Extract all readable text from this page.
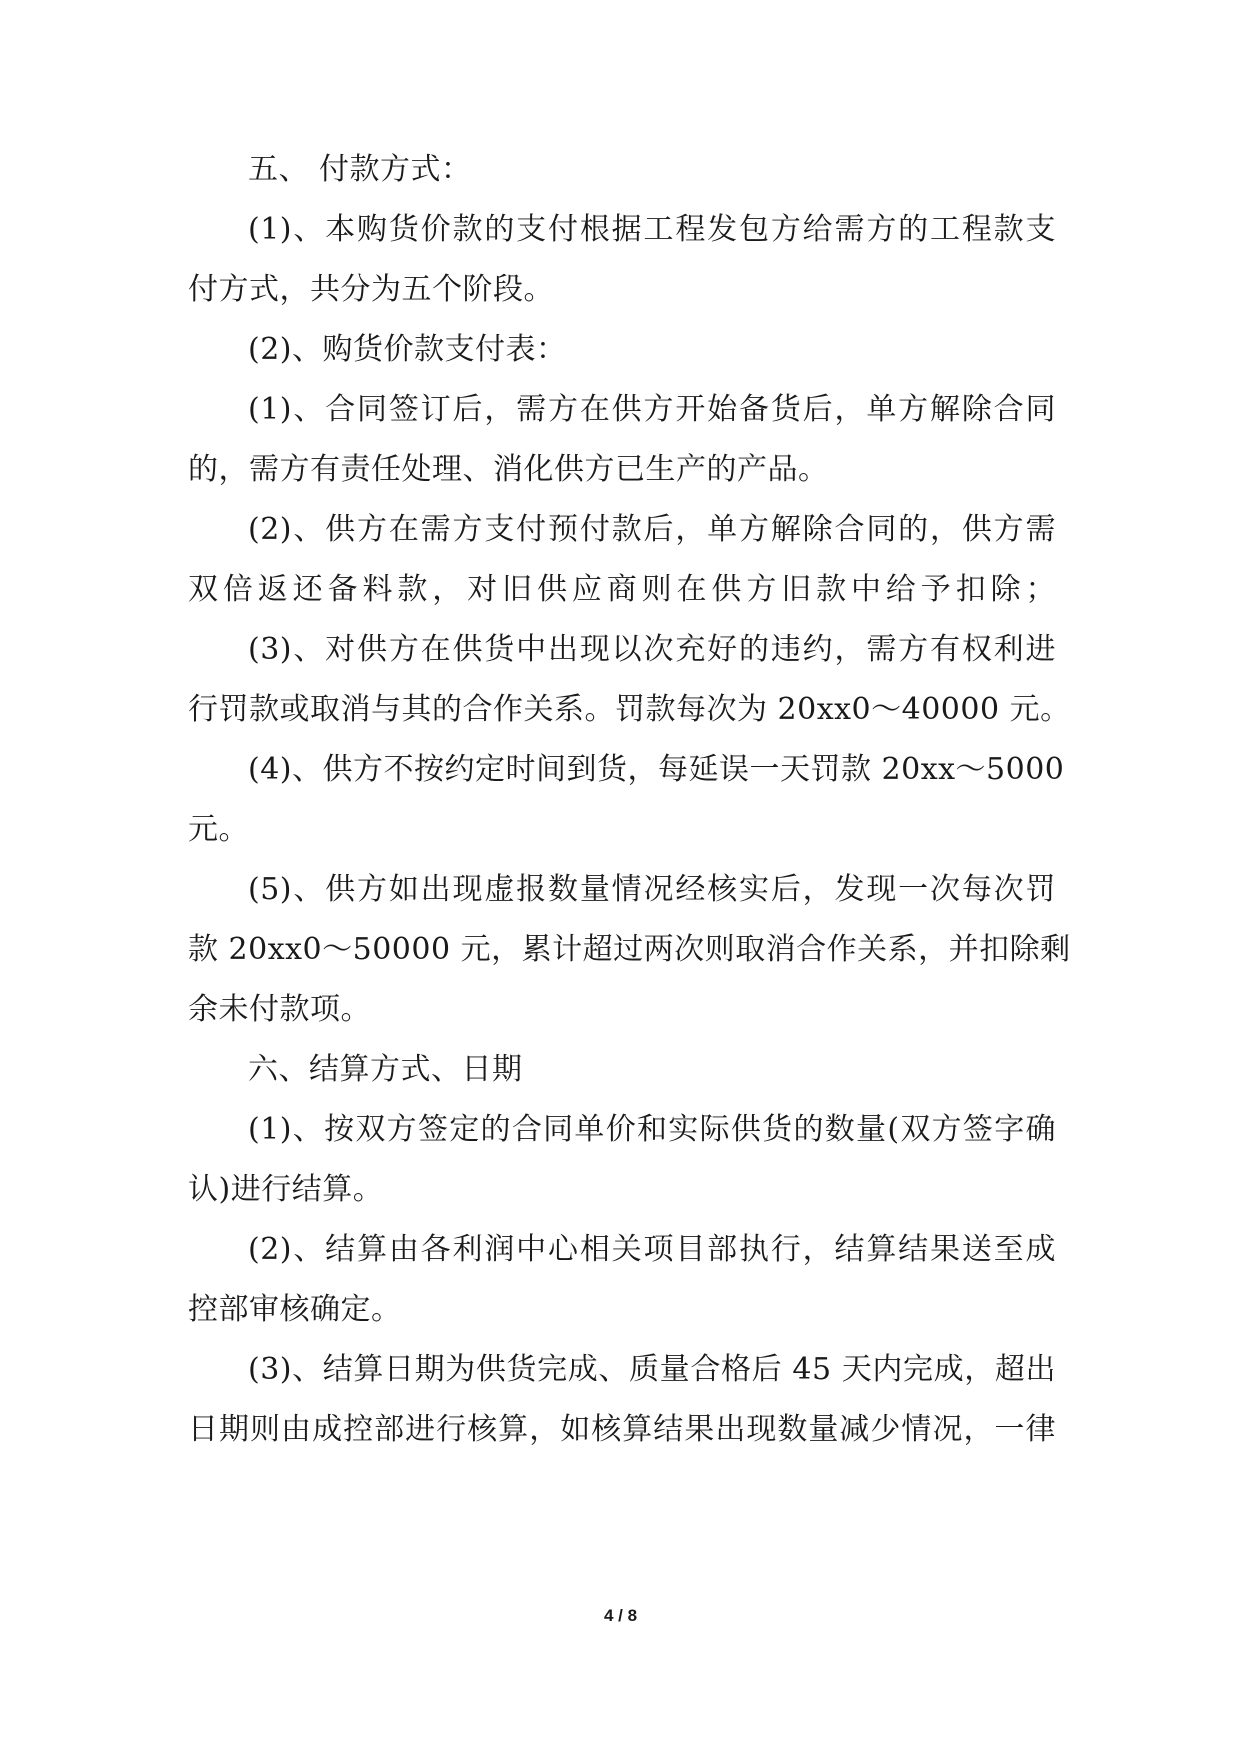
五、 付款方式：
(1)、本购货价款的支付根据工程发包方给需方的工程款支
付方式，共分为五个阶段。
(2)、购货价款支付表：
(1)、合同签订后，需方在供方开始备货后，单方解除合同
的，需方有责任处理、消化供方已生产的产品。
(2)、供方在需方支付预付款后，单方解除合同的，供方需
双倍返还备料款，对旧供应商则在供方旧款中给予扣除；
(3)、对供方在供货中出现以次充好的违约，需方有权利进
行罚款或取消与其的合作关系。罚款每次为 20xx0～40000 元。
(4)、供方不按约定时间到货，每延误一天罚款 20xx～5000
元。
(5)、供方如出现虚报数量情况经核实后，发现一次每次罚
款 20xx0～50000 元，累计超过两次则取消合作关系，并扣除剩
余未付款项。
六、结算方式、日期
(1)、按双方签定的合同单价和实际供货的数量(双方签字确
认)进行结算。
(2)、结算由各利润中心相关项目部执行，结算结果送至成
控部审核确定。
(3)、结算日期为供货完成、质量合格后 45 天内完成，超出
日期则由成控部进行核算，如核算结果出现数量减少情况，一律
4 / 8
